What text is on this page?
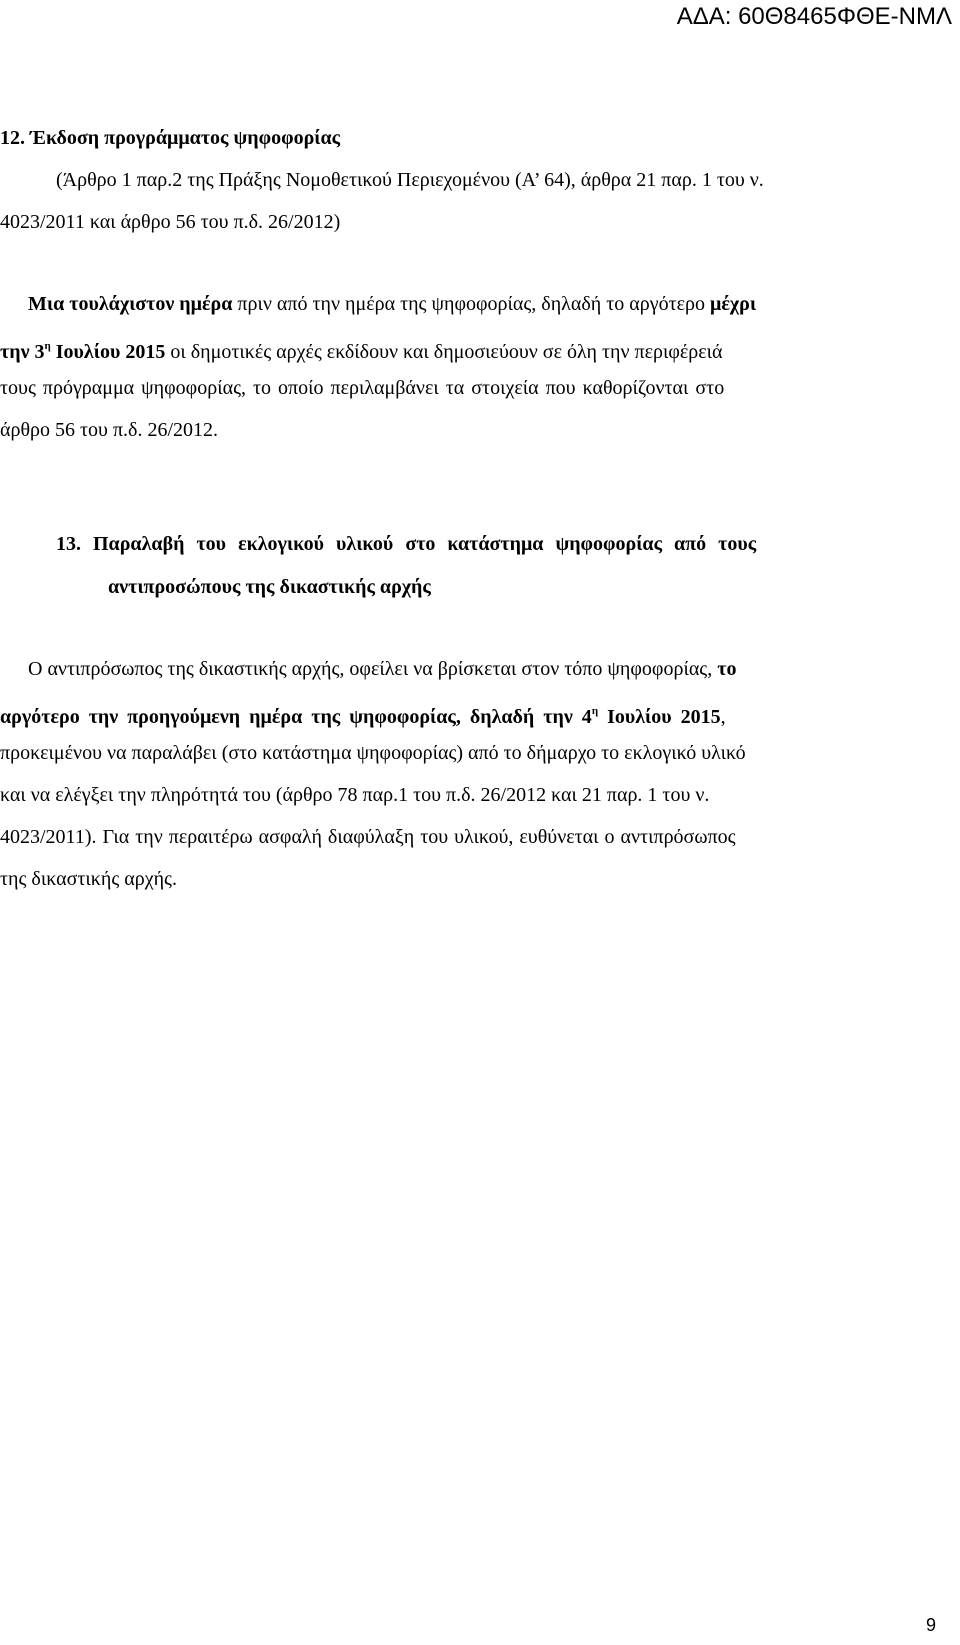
ΑΔΑ: 60Θ8465ΦΘΕ-ΝΜΛ
12. Έκδοση προγράμματος ψηφοφορίας
(Άρθρο 1 παρ.2 της Πράξης Νομοθετικού Περιεχομένου (Α’ 64), άρθρα 21 παρ. 1 του ν.
4023/2011 και άρθρο 56 του π.δ. 26/2012)
Μια τουλάχιστον ημέρα πριν από την ημέρα της ψηφοφορίας, δηλαδή το αργότερο μέχρι
την $3^\eta$ Ιουλίου 2015 οι δημοτικές αρχές εκδίδουν και δημοσιεύουν σε όλη την περιφέρειά
τους πρόγραμμα ψηφοφορίας, το οποίο περιλαμβάνει τα στοιχεία που καθορίζονται στο
άρθρο 56 του π.δ. 26/2012.
13. Παραλαβή του εκλογικού υλικού στο κατάστημα ψηφοφορίας από τους
αντιπροσώπους της δικαστικής αρχής
Ο αντιπρόσωπος της δικαστικής αρχής, οφείλει να βρίσκεται στον τόπο ψηφοφορίας, το
αργότερο την προηγούμενη ημέρα της ψηφοφορίας, δηλαδή την $4^\eta$ Ιουλίου 2015,
προκειμένου να παραλάβει (στο κατάστημα ψηφοφορίας) από το δήμαρχο το εκλογικό υλικό
και να ελέγξει την πληρότητά του (άρθρο 78 παρ.1 του π.δ. 26/2012 και 21 παρ. 1 του ν.
4023/2011). Για την περαιτέρω ασφαλή διαφύλαξη του υλικού, ευθύνεται ο αντιπρόσωπος
της δικαστικής αρχής.
9
